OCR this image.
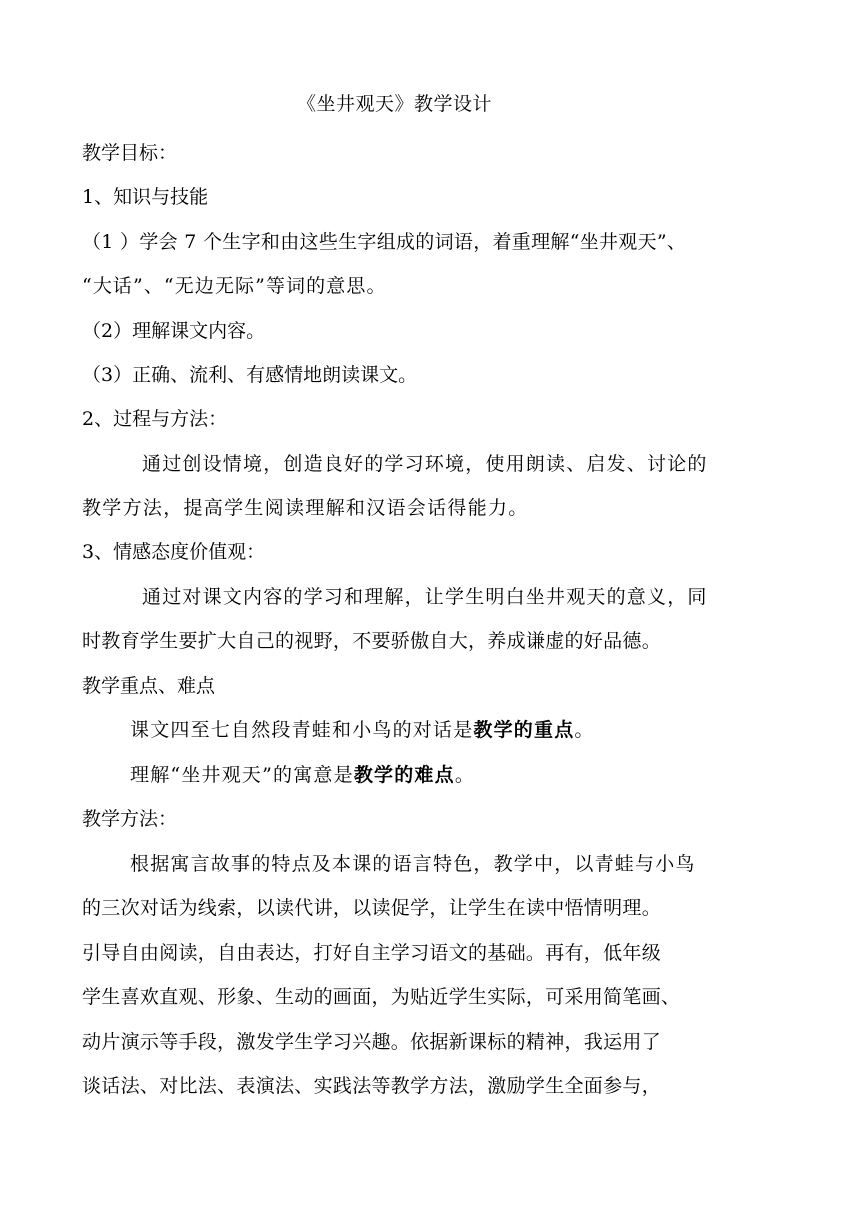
《坐井观天》教学设计
教学目标：
1、知识与技能
（1 ）学会 7 个生字和由这些生字组成的词语，着重理解“坐井观天”、
“大话”、“无边无际”等词的意思。
（2）理解课文内容。
（3）正确、流利、有感情地朗读课文。
2、过程与方法：
通过创设情境，创造良好的学习环境，使用朗读、启发、讨论的
教学方法，提高学生阅读理解和汉语会话得能力。
3、情感态度价值观：
通过对课文内容的学习和理解，让学生明白坐井观天的意义，同
时教育学生要扩大自己的视野，不要骄傲自大，养成谦虚的好品德。
教学重点、难点
课文四至七自然段青蛙和小鸟的对话是教学的重点。
理解“坐井观天”的寓意是教学的难点。
教学方法：
根据寓言故事的特点及本课的语言特色，教学中，以青蛙与小鸟
的三次对话为线索，以读代讲，以读促学，让学生在读中悟情明理。
引导自由阅读，自由表达，打好自主学习语文的基础。再有，低年级
学生喜欢直观、形象、生动的画面，为贴近学生实际，可采用简笔画、
动片演示等手段，激发学生学习兴趣。依据新课标的精神，我运用了
谈话法、对比法、表演法、实践法等教学方法，激励学生全面参与，
